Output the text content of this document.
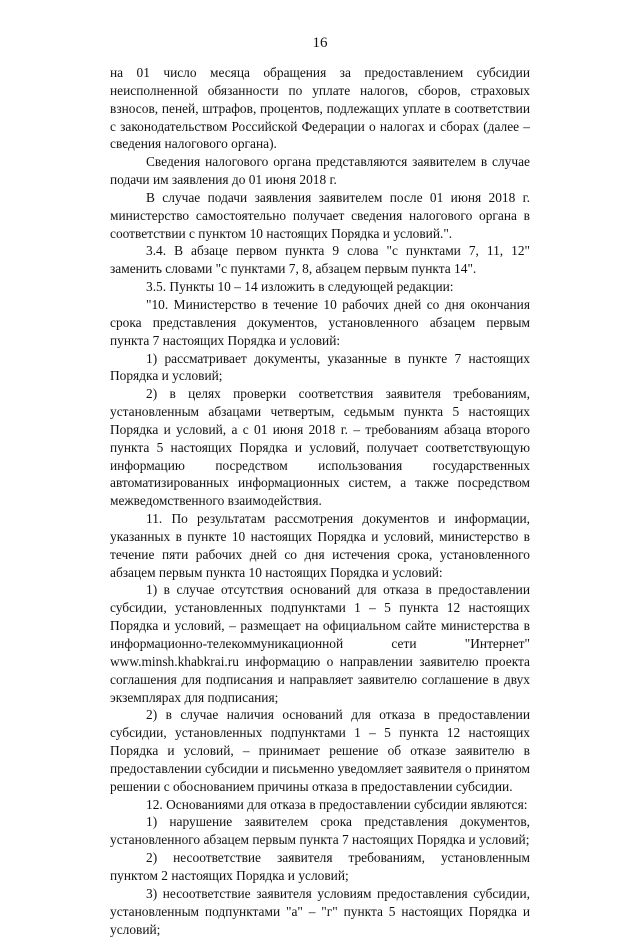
16

на 01 число месяца обращения за предоставлением субсидии неисполненной обязанности по уплате налогов, сборов, страховых взносов, пеней, штрафов, процентов, подлежащих уплате в соответствии с законодательством Российской Федерации о налогах и сборах (далее – сведения налогового органа).

Сведения налогового органа представляются заявителем в случае подачи им заявления до 01 июня 2018 г.

В случае подачи заявления заявителем после 01 июня 2018 г. министерство самостоятельно получает сведения налогового органа в соответствии с пунктом 10 настоящих Порядка и условий.".

3.4. В абзаце первом пункта 9 слова "с пунктами 7, 11, 12" заменить словами "с пунктами 7, 8, абзацем первым пункта 14".

3.5. Пункты 10 – 14 изложить в следующей редакции:

"10. Министерство в течение 10 рабочих дней со дня окончания срока представления документов, установленного абзацем первым пункта 7 настоящих Порядка и условий:

1) рассматривает документы, указанные в пункте 7 настоящих Порядка и условий;

2) в целях проверки соответствия заявителя требованиям, установленным абзацами четвертым, седьмым пункта 5 настоящих Порядка и условий, а с 01 июня 2018 г. – требованиям абзаца второго пункта 5 настоящих Порядка и условий, получает соответствующую информацию посредством использования государственных автоматизированных информационных систем, а также посредством межведомственного взаимодействия.

11. По результатам рассмотрения документов и информации, указанных в пункте 10 настоящих Порядка и условий, министерство в течение пяти рабочих дней со дня истечения срока, установленного абзацем первым пункта 10 настоящих Порядка и условий:

1) в случае отсутствия оснований для отказа в предоставлении субсидии, установленных подпунктами 1 – 5 пункта 12 настоящих Порядка и условий, – размещает на официальном сайте министерства в информационно-телекоммуникационной сети "Интернет" www.minsh.khabkrai.ru информацию о направлении заявителю проекта соглашения для подписания и направляет заявителю соглашение в двух экземплярах для подписания;

2) в случае наличия оснований для отказа в предоставлении субсидии, установленных подпунктами 1 – 5 пункта 12 настоящих Порядка и условий, – принимает решение об отказе заявителю в предоставлении субсидии и письменно уведомляет заявителя о принятом решении с обоснованием причины отказа в предоставлении субсидии.

12. Основаниями для отказа в предоставлении субсидии являются:

1) нарушение заявителем срока представления документов, установленного абзацем первым пункта 7 настоящих Порядка и условий;

2) несоответствие заявителя требованиям, установленным пунктом 2 настоящих Порядка и условий;

3) несоответствие заявителя условиям предоставления субсидии, установленным подпунктами "а" – "г" пункта 5 настоящих Порядка и условий;
